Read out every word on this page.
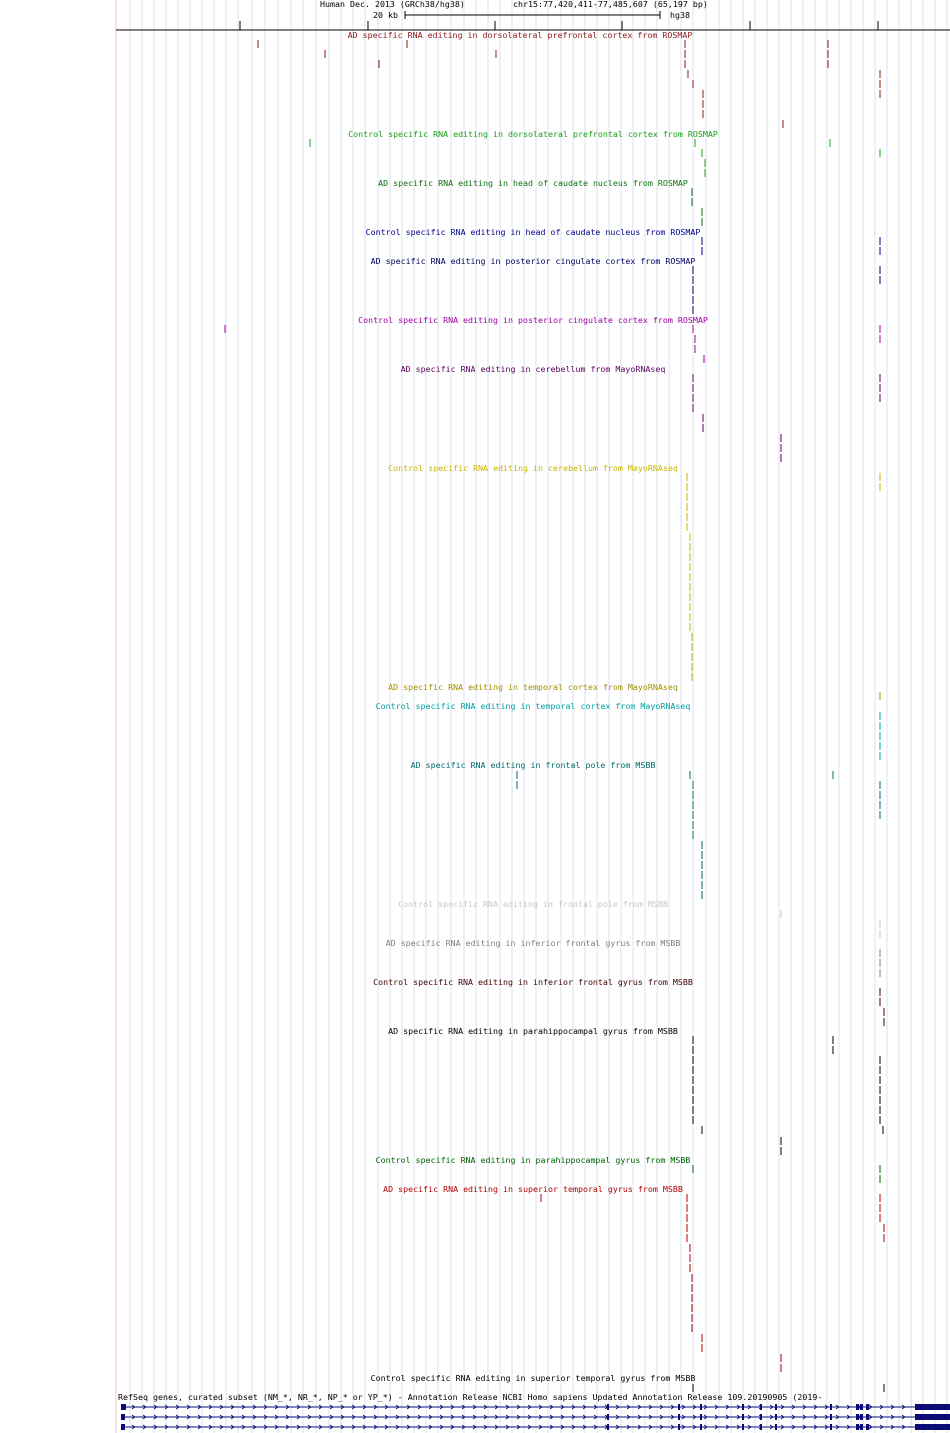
Human Dec. 2013 (GRCh38/hg38)	chr15:77,420,411-77,485,607 (65,197 bp)
20 kb	hg38
AD specific RNA editing in dorsolateral prefrontal cortex from ROSMAP
Control specific RNA editing in dorsolateral prefrontal cortex from ROSMAP
AD specific RNA editing in head of caudate nucleus from ROSMAP
Control specific RNA editing in head of caudate nucleus from ROSMAP
AD specific RNA editing in posterior cingulate cortex from ROSMAP
Control specific RNA editing in posterior cingulate cortex from ROSMAP
AD specific RNA editing in cerebellum from MayoRNAseq
Control specific RNA editing in cerebellum from MayoRNAseq
AD specific RNA editing in temporal cortex from MayoRNAseq
Control specific RNA editing in temporal cortex from MayoRNAseq
AD specific RNA editing in frontal pole from MSBB
Control specific RNA editing in frontal pole from MSBB
AD specific RNA editing in inferior frontal gyrus from MSBB
Control specific RNA editing in inferior frontal gyrus from MSBB
AD specific RNA editing in parahippocampal gyrus from MSBB
Control specific RNA editing in parahippocampal gyrus from MSBB
AD specific RNA editing in superior temporal gyrus from MSBB
Control specific RNA editing in superior temporal gyrus from MSBB
RefSeq genes, curated subset (NM_*, NR_*, NP_* or YP_*) - Annotation Release NCBI Homo sapiens Updated Annotation Release 109.20190905 (2019-
